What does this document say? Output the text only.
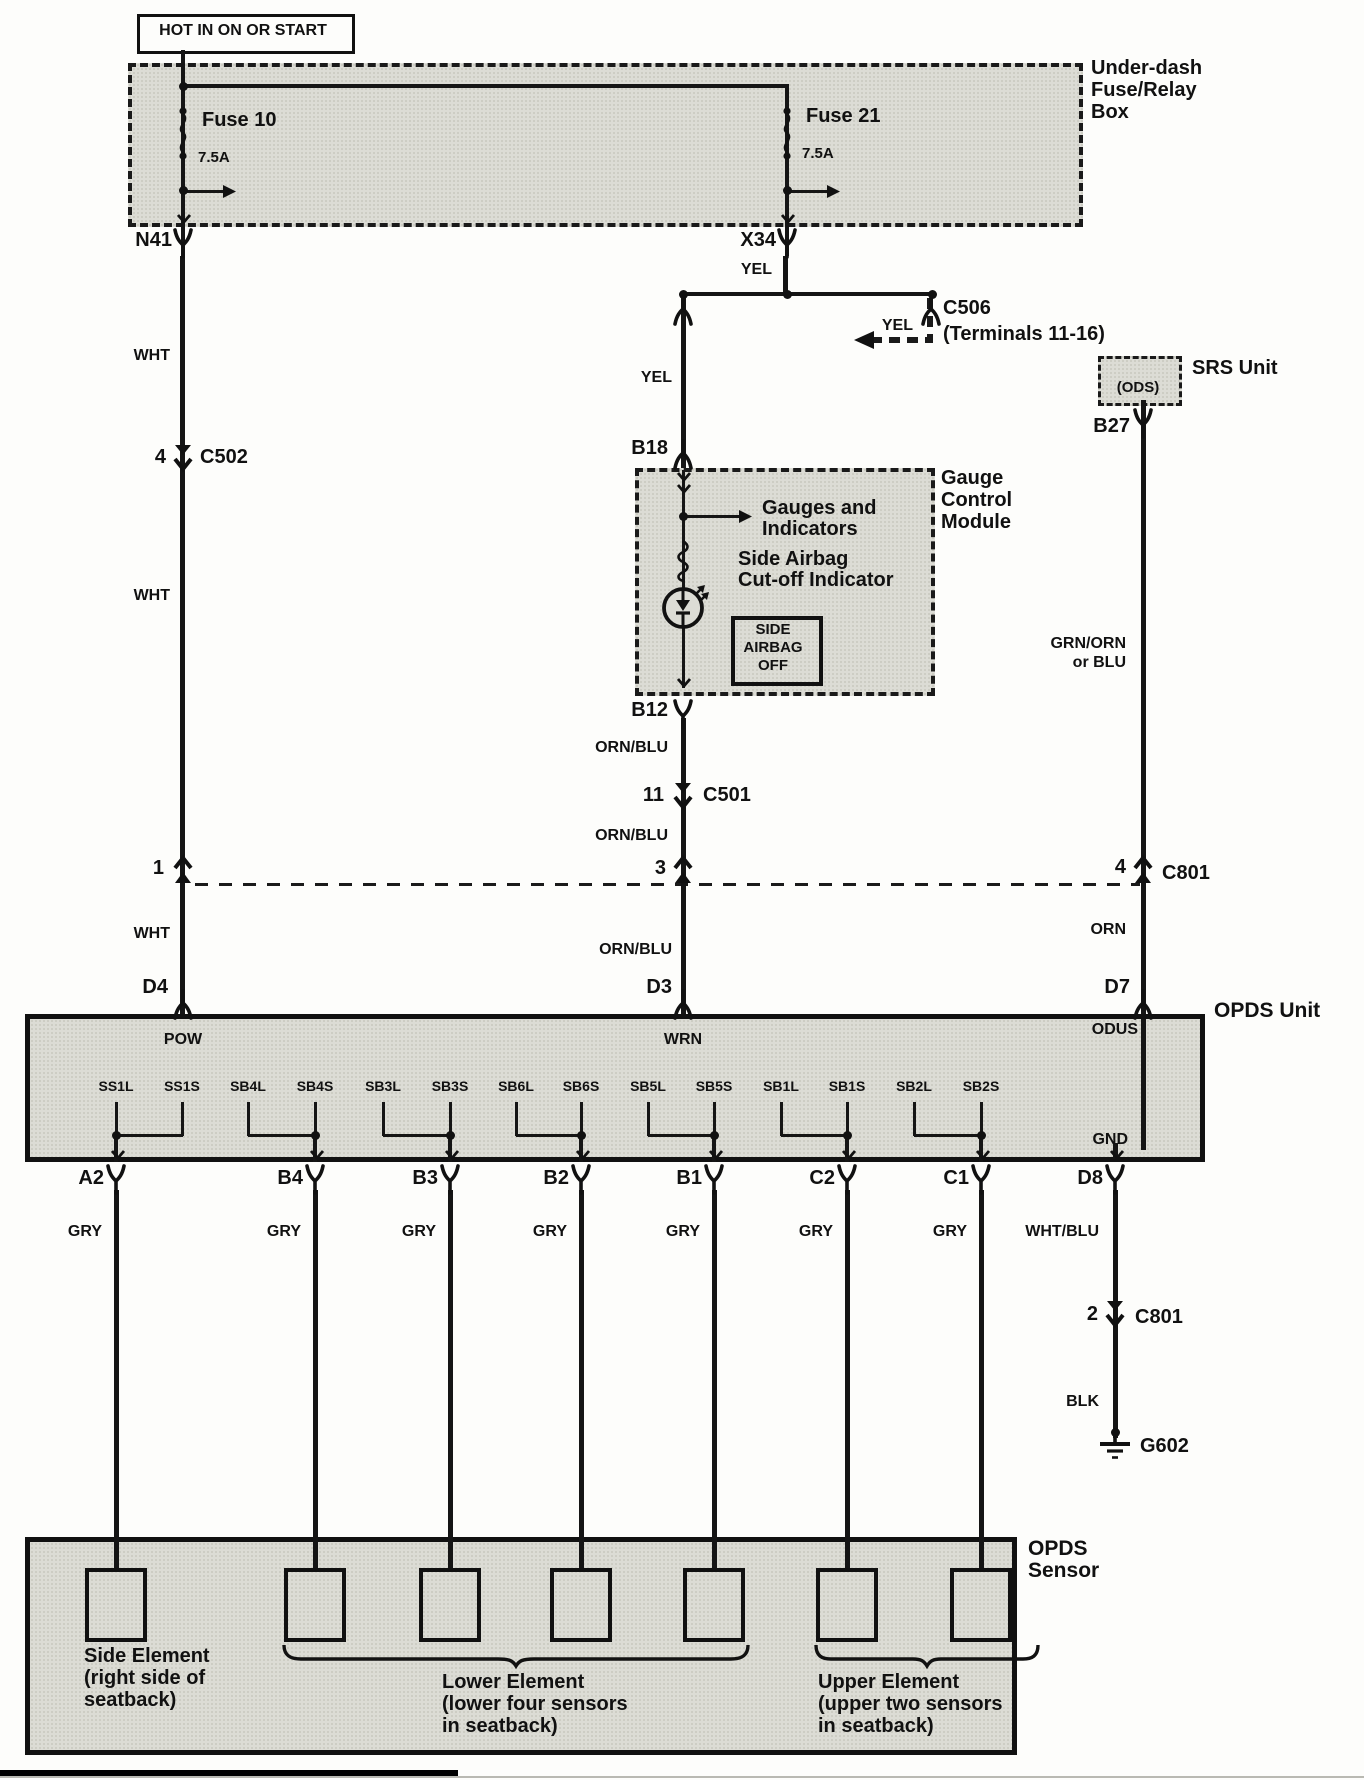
HOT IN ON OR START
Under-dash
Fuse/Relay
Box
Fuse 10
7.5A
Fuse 21
7.5A
N41	X34
YEL
C506
(Terminals 11-16)
YEL
YEL
B18
SRS Unit
(ODS)
B27
Gauge
Control
Module
Gauges and
Indicators
Side Airbag
Cut-off Indicator
SIDE
AIRBAG
OFF
B12
ORN/BLU
11 C501
ORN/BLU
3
WHT
4 C502
WHT
1
WHT
D4
ORN/BLU
D3
GRN/ORN
or BLU
4 C801
ORN
D7
OPDS Unit
POW	WRN
ODUS
GND
SS1L	SS1S	SB4L	SB4S	SB3L	SB3S	SB6L	SB6S	SB5L	SB5S	SB1L	SB1S	SB2L	SB2S
A2	B4	B3	B2	B1	C2	C1	D8
GRY	GRY	GRY	GRY	GRY	GRY	GRY	WHT/BLU
2 C801
BLK
G602
OPDS
Sensor
Side Element
(right side of
seatback)
Lower Element
(lower four sensors
in seatback)
Upper Element
(upper two sensors
in seatback)
